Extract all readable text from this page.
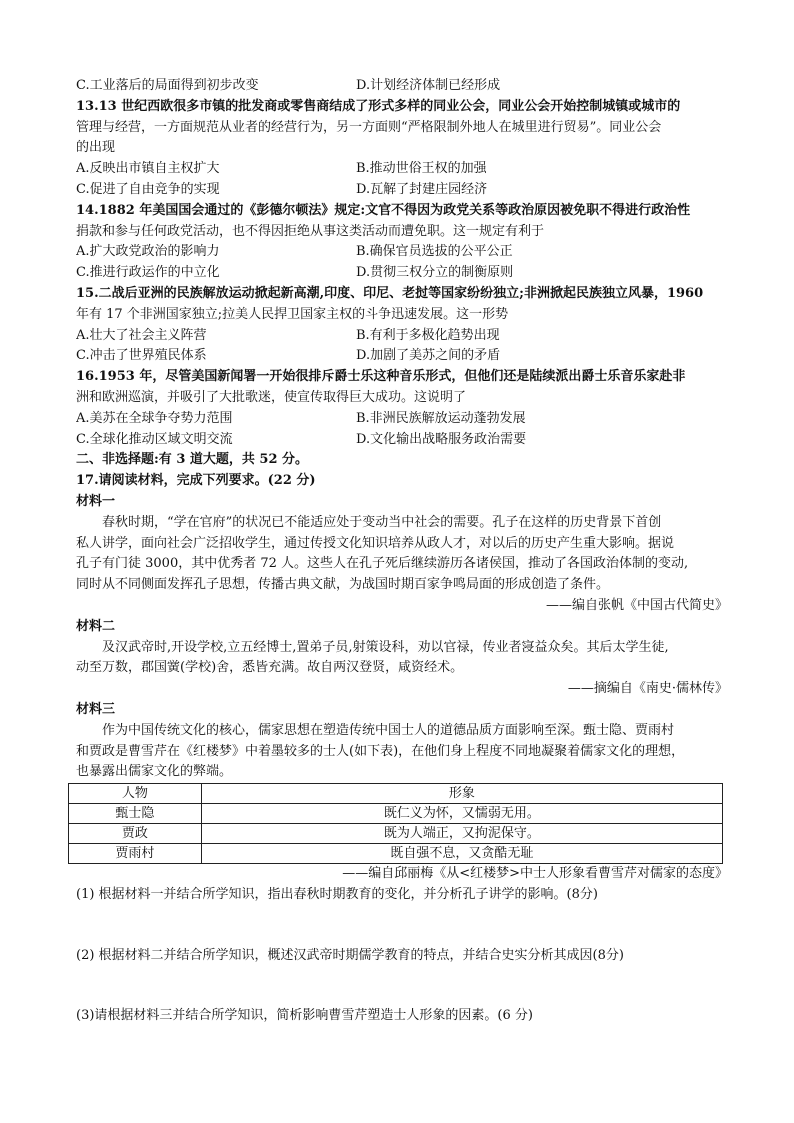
C.工业落后的局面得到初步改变	D.计划经济体制已经形成
13.13 世纪西欧很多市镇的批发商或零售商结成了形式多样的同业公会，同业公会开始控制城镇或城市的
管理与经营，一方面规范从业者的经营行为，另一方面则“严格限制外地人在城里进行贸易”。同业公会
的出现
A.反映出市镇自主权扩大	B.推动世俗王权的加强
C.促进了自由竞争的实现	D.瓦解了封建庄园经济
14.1882 年美国国会通过的《彭德尔顿法》规定:文官不得因为政党关系等政治原因被免职不得进行政治性
捐款和参与任何政党活动，也不得因拒绝从事这类活动而遭免职。这一规定有利于
A.扩大政党政治的影响力	B.确保官员选拔的公平公正
C.推进行政运作的中立化	D.贯彻三权分立的制衡原则
15.二战后亚洲的民族解放运动掀起新高潮,印度、印尼、老挝等国家纷纷独立;非洲掀起民族独立风暴，1960
年有 17 个非洲国家独立;拉美人民捍卫国家主权的斗争迅速发展。这一形势
A.壮大了社会主义阵营	B.有利于多极化趋势出现
C.冲击了世界殖民体系	D.加剧了美苏之间的矛盾
16.1953 年，尽管美国新闻署一开始很排斥爵士乐这种音乐形式，但他们还是陆续派出爵士乐音乐家赴非
洲和欧洲巡演，并吸引了大批歌迷，使宣传取得巨大成功。这说明了
A.美苏在全球争夺势力范围	B.非洲民族解放运动蓬勃发展
C.全球化推动区域文明交流	D.文化输出战略服务政治需要
二、非选择题:有 3 道大题，共 52 分。
17.请阅读材料，完成下列要求。(22 分)
材料一
春秋时期，“学在官府”的状况已不能适应处于变动当中社会的需要。孔子在这样的历史背景下首创
私人讲学，面向社会广泛招收学生，通过传授文化知识培养从政人才，对以后的历史产生重大影响。据说
孔子有门徒 3000，其中优秀者 72 人。这些人在孔子死后继续游历各诸侯国，推动了各国政治体制的变动,
同时从不同侧面发挥孔子思想，传播古典文献，为战国时期百家争鸣局面的形成创造了条件。
——编自张帆《中国古代简史》
材料二
及汉武帝时,开设学校,立五经博士,置弟子员,射策设科，劝以官禄，传业者寖益众矣。其后太学生徒,
动至万数，郡国黉(学校)舍，悉皆充满。故自两汉登贤，咸资经术。
——摘编自《南史·儒林传》
材料三
作为中国传统文化的核心，儒家思想在塑造传统中国士人的道德品质方面影响至深。甄士隐、贾雨村
和贾政是曹雪芹在《红楼梦》中着墨较多的士人(如下表)，在他们身上程度不同地凝聚着儒家文化的理想，
也暴露出儒家文化的弊端。
人物	形象
甄士隐	既仁义为怀，又懦弱无用。
贾政	既为人端正，又拘泥保守。
贾雨村	既自强不息，又贪酷无耻
——编自邱丽梅《从<红楼梦>中士人形象看曹雪芹对儒家的态度》
(1) 根据材料一并结合所学知识，指出春秋时期教育的变化，并分析孔子讲学的影响。(8分)
(2) 根据材料二并结合所学知识，概述汉武帝时期儒学教育的特点，并结合史实分析其成因(8分)
(3)请根据材料三并结合所学知识，简析影响曹雪芹塑造士人形象的因素。(6 分)
